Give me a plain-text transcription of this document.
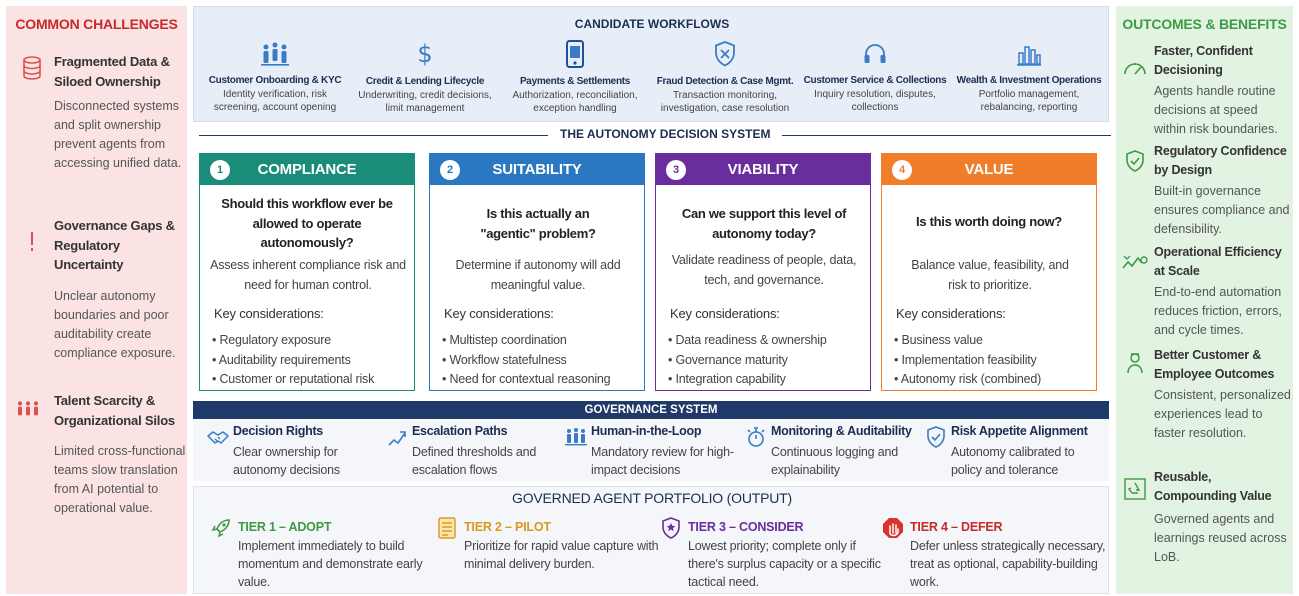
COMMON CHALLENGES
Fragmented Data & Siloed Ownership
Disconnected systems and split ownership prevent agents from accessing unified data.
Governance Gaps & Regulatory Uncertainty
Unclear autonomy boundaries and poor auditability create compliance exposure.
Talent Scarcity & Organizational Silos
Limited cross-functional teams slow translation from AI potential to operational value.
CANDIDATE WORKFLOWS
Customer Onboarding & KYC
Identity verification, risk screening, account opening
$
Credit & Lending Lifecycle
Underwriting, credit decisions, limit management
Payments & Settlements
Authorization, reconciliation, exception handling
Fraud Detection & Case Mgmt.
Transaction monitoring, investigation, case resolution
Customer Service & Collections
Inquiry resolution, disputes, collections
Wealth & Investment Operations
Portfolio management, rebalancing, reporting
THE AUTONOMY DECISION SYSTEM
COMPLIANCE
1
Should this workflow ever be allowed to operate autonomously?
Assess inherent compliance risk and need for human control.
Key considerations:
• Regulatory exposure
• Auditability requirements
• Customer or reputational risk
SUITABILITY
2
Is this actually an "agentic" problem?
Determine if autonomy will add meaningful value.
Key considerations:
• Multistep coordination
• Workflow statefulness
• Need for contextual reasoning
VIABILITY
3
Can we support this level of autonomy today?
Validate readiness of people, data, tech, and governance.
Key considerations:
• Data readiness & ownership
• Governance maturity
• Integration capability
VALUE
4
Is this worth doing now?
Balance value, feasibility, and risk to prioritize.
Key considerations:
• Business value
• Implementation feasibility
• Autonomy risk (combined)
GOVERNANCE SYSTEM
Decision Rights
Clear ownership for autonomy decisions
Escalation Paths
Defined thresholds and escalation flows
Human-in-the-Loop
Mandatory review for high-impact decisions
Monitoring & Auditability
Continuous logging and explainability
Risk Appetite Alignment
Autonomy calibrated to policy and tolerance
GOVERNED AGENT PORTFOLIO (OUTPUT)
TIER 1 – ADOPT
Implement immediately to build momentum and demonstrate early value.
TIER 2 – PILOT
Prioritize for rapid value capture with minimal delivery burden.
TIER 3 – CONSIDER
Lowest priority; complete only if there's surplus capacity or a specific tactical need.
TIER 4 – DEFER
Defer unless strategically necessary, treat as optional, capability-building work.
OUTCOMES & BENEFITS
Faster, Confident Decisioning
Agents handle routine decisions at speed within risk boundaries.
Regulatory Confidence by Design
Built-in governance ensures compliance and defensibility.
Operational Efficiency at Scale
End-to-end automation reduces friction, errors, and cycle times.
Better Customer & Employee Outcomes
Consistent, personalized experiences lead to faster resolution.
Reusable, Compounding Value
Governed agents and learnings reused across LoB.
